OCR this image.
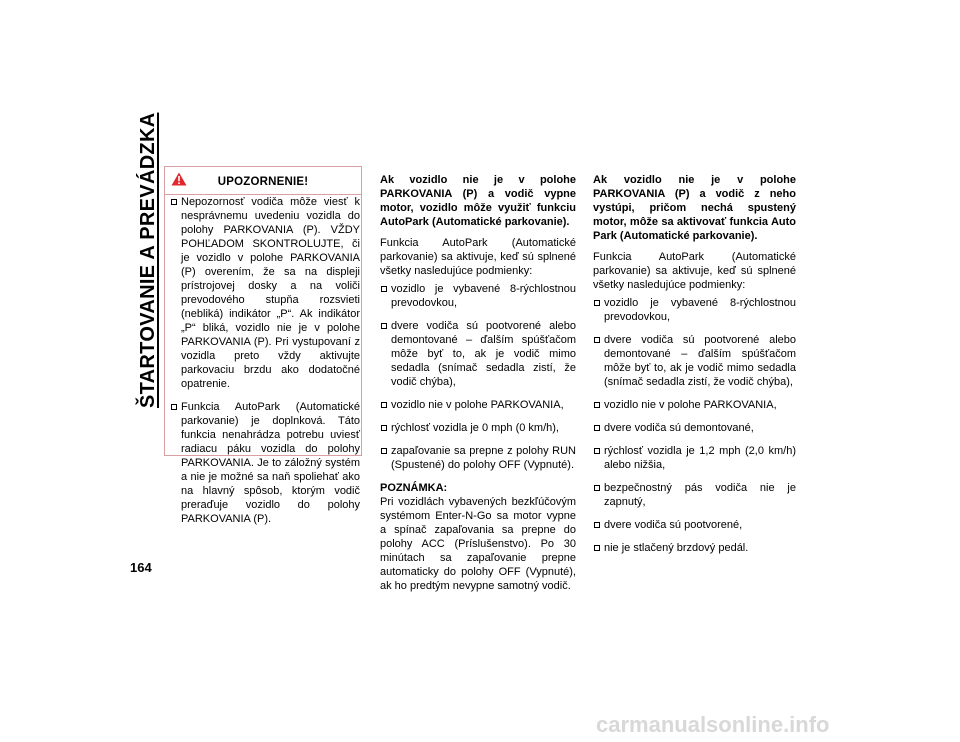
ŠTARTOVANIE A PREVÁDZKA
164
UPOZORNENIE!

Nepozornosť vodiča môže viesť k nesprávnemu uvedeniu vozidla do polohy PARKOVANIA (P). VŽDY POHĽADOM SKONTROLUJTE, či je vozidlo v polohe PARKOVANIA (P) overením, že sa na displeji prístrojovej dosky a na voliči prevodového stupňa rozsvieti (nebliká) indikátor „P“. Ak indikátor „P“ bliká, vozidlo nie je v polohe PARKOVANIA (P). Pri vystupovaní z vozidla preto vždy aktivujte parkovaciu brzdu ako dodatočné opatrenie.

Funkcia AutoPark (Automatické parkovanie) je doplnková. Táto funkcia nenahrádza potrebu uviesť radiacu páku vozidla do polohy PARKOVANIA. Je to záložný systém a nie je možné sa naň spoliehať ako na hlavný spôsob, ktorým vodič preraďuje vozidlo do polohy PARKOVANIA (P).

Ak vozidlo nie je v polohe PARKOVANIA (P) a vodič vypne motor, vozidlo môže využiť funkciu AutoPark (Automatické parkovanie).

Funkcia AutoPark (Automatické parkovanie) sa aktivuje, keď sú splnené všetky nasledujúce podmienky:

vozidlo je vybavené 8-rýchlostnou prevodovkou,

dvere vodiča sú pootvorené alebo demontované – ďalším spúšťačom môže byť to, ak je vodič mimo sedadla (snímač sedadla zistí, že vodič chýba),

vozidlo nie v polohe PARKOVANIA,

rýchlosť vozidla je 0 mph (0 km/h),

zapaľovanie sa prepne z polohy RUN (Spustené) do polohy OFF (Vypnuté).

POZNÁMKA:

Pri vozidlách vybavených bezkľúčovým systémom Enter-N-Go sa motor vypne a spínač zapaľovania sa prepne do polohy ACC (Príslušenstvo). Po 30 minútach sa zapaľovanie prepne automaticky do polohy OFF (Vypnuté), ak ho predtým nevypne samotný vodič.

Ak vozidlo nie je v polohe PARKOVANIA (P) a vodič z neho vystúpi, pričom nechá spustený motor, môže sa aktivovať funkcia Auto Park (Automatické parkovanie).

Funkcia AutoPark (Automatické parkovanie) sa aktivuje, keď sú splnené všetky nasledujúce podmienky:

vozidlo je vybavené 8-rýchlostnou prevodovkou,

dvere vodiča sú pootvorené alebo demontované – ďalším spúšťačom môže byť to, ak je vodič mimo sedadla (snímač sedadla zistí, že vodič chýba),

vozidlo nie v polohe PARKOVANIA,

dvere vodiča sú demontované,

rýchlosť vozidla je 1,2 mph (2,0 km/h) alebo nižšia,

bezpečnostný pás vodiča nie je zapnutý,

dvere vodiča sú pootvorené,

nie je stlačený brzdový pedál.

carmanualsonline.info
